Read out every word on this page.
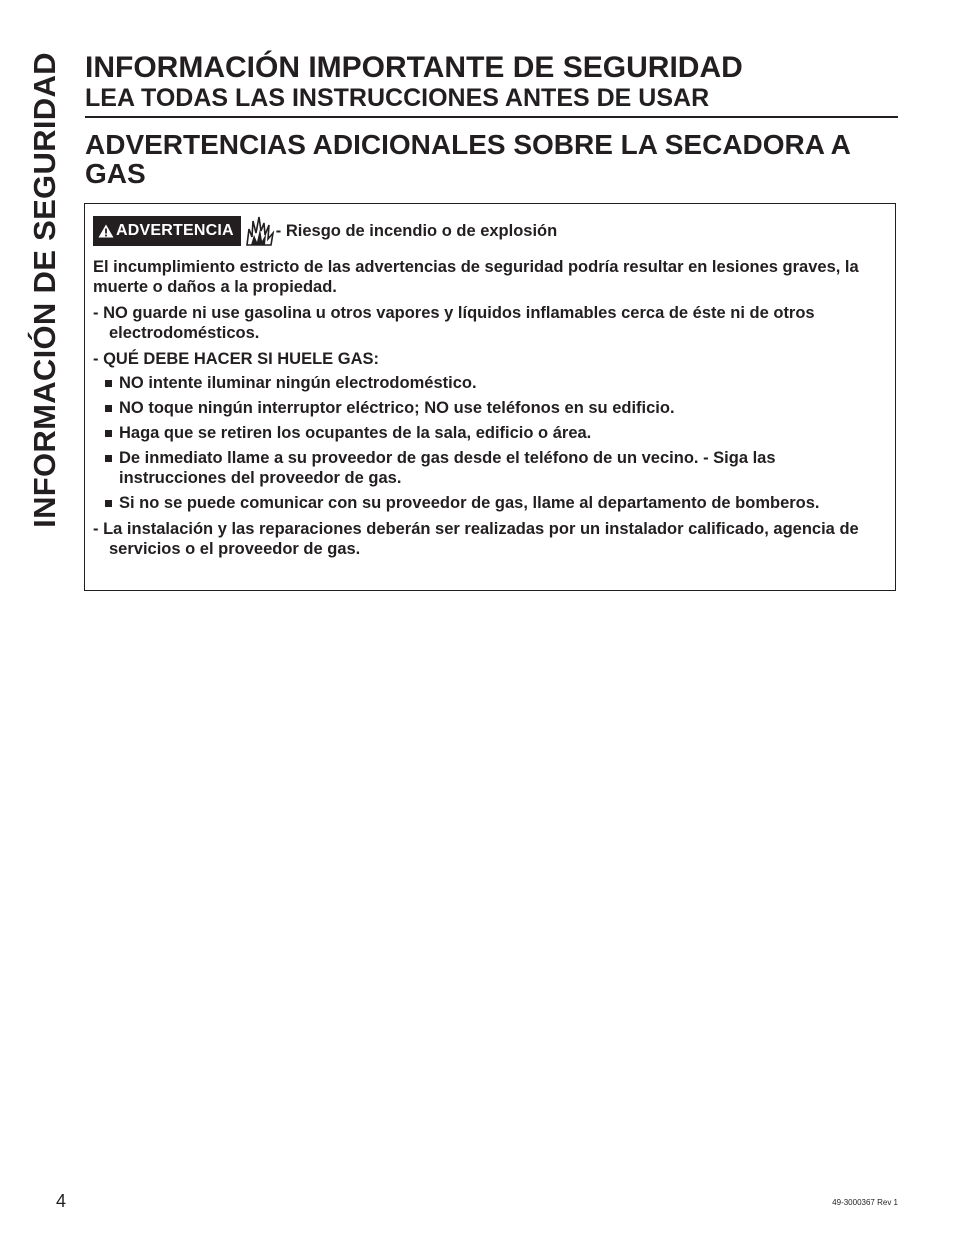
INFORMACIÓN DE SEGURIDAD INFORMACIÓN IMPORTANTE DE SEGURIDAD
LEA TODAS LAS INSTRUCCIONES ANTES DE USAR
ADVERTENCIAS ADICIONALES SOBRE LA SECADORA A GAS
ADVERTENCIA	- Riesgo de incendio o de explosión

El incumplimiento estricto de las advertencias de seguridad podría resultar en lesiones graves, la muerte o daños a la propiedad.

- NO guarde ni use gasolina u otros vapores y líquidos inflamables cerca de éste ni de otros electrodomésticos.

- QUÉ DEBE HACER SI HUELE GAS:

NO intente iluminar ningún electrodoméstico.
NO toque ningún interruptor eléctrico; NO use teléfonos en su edificio.
Haga que se retiren los ocupantes de la sala, edificio o área.
De inmediato llame a su proveedor de gas desde el teléfono de un vecino. - Siga las instrucciones del proveedor de gas.
Si no se puede comunicar con su proveedor de gas, llame al departamento de bomberos.

- La instalación y las reparaciones deberán ser realizadas por un instalador calificado, agencia de servicios o el proveedor de gas.

4	49-3000367 Rev 1
